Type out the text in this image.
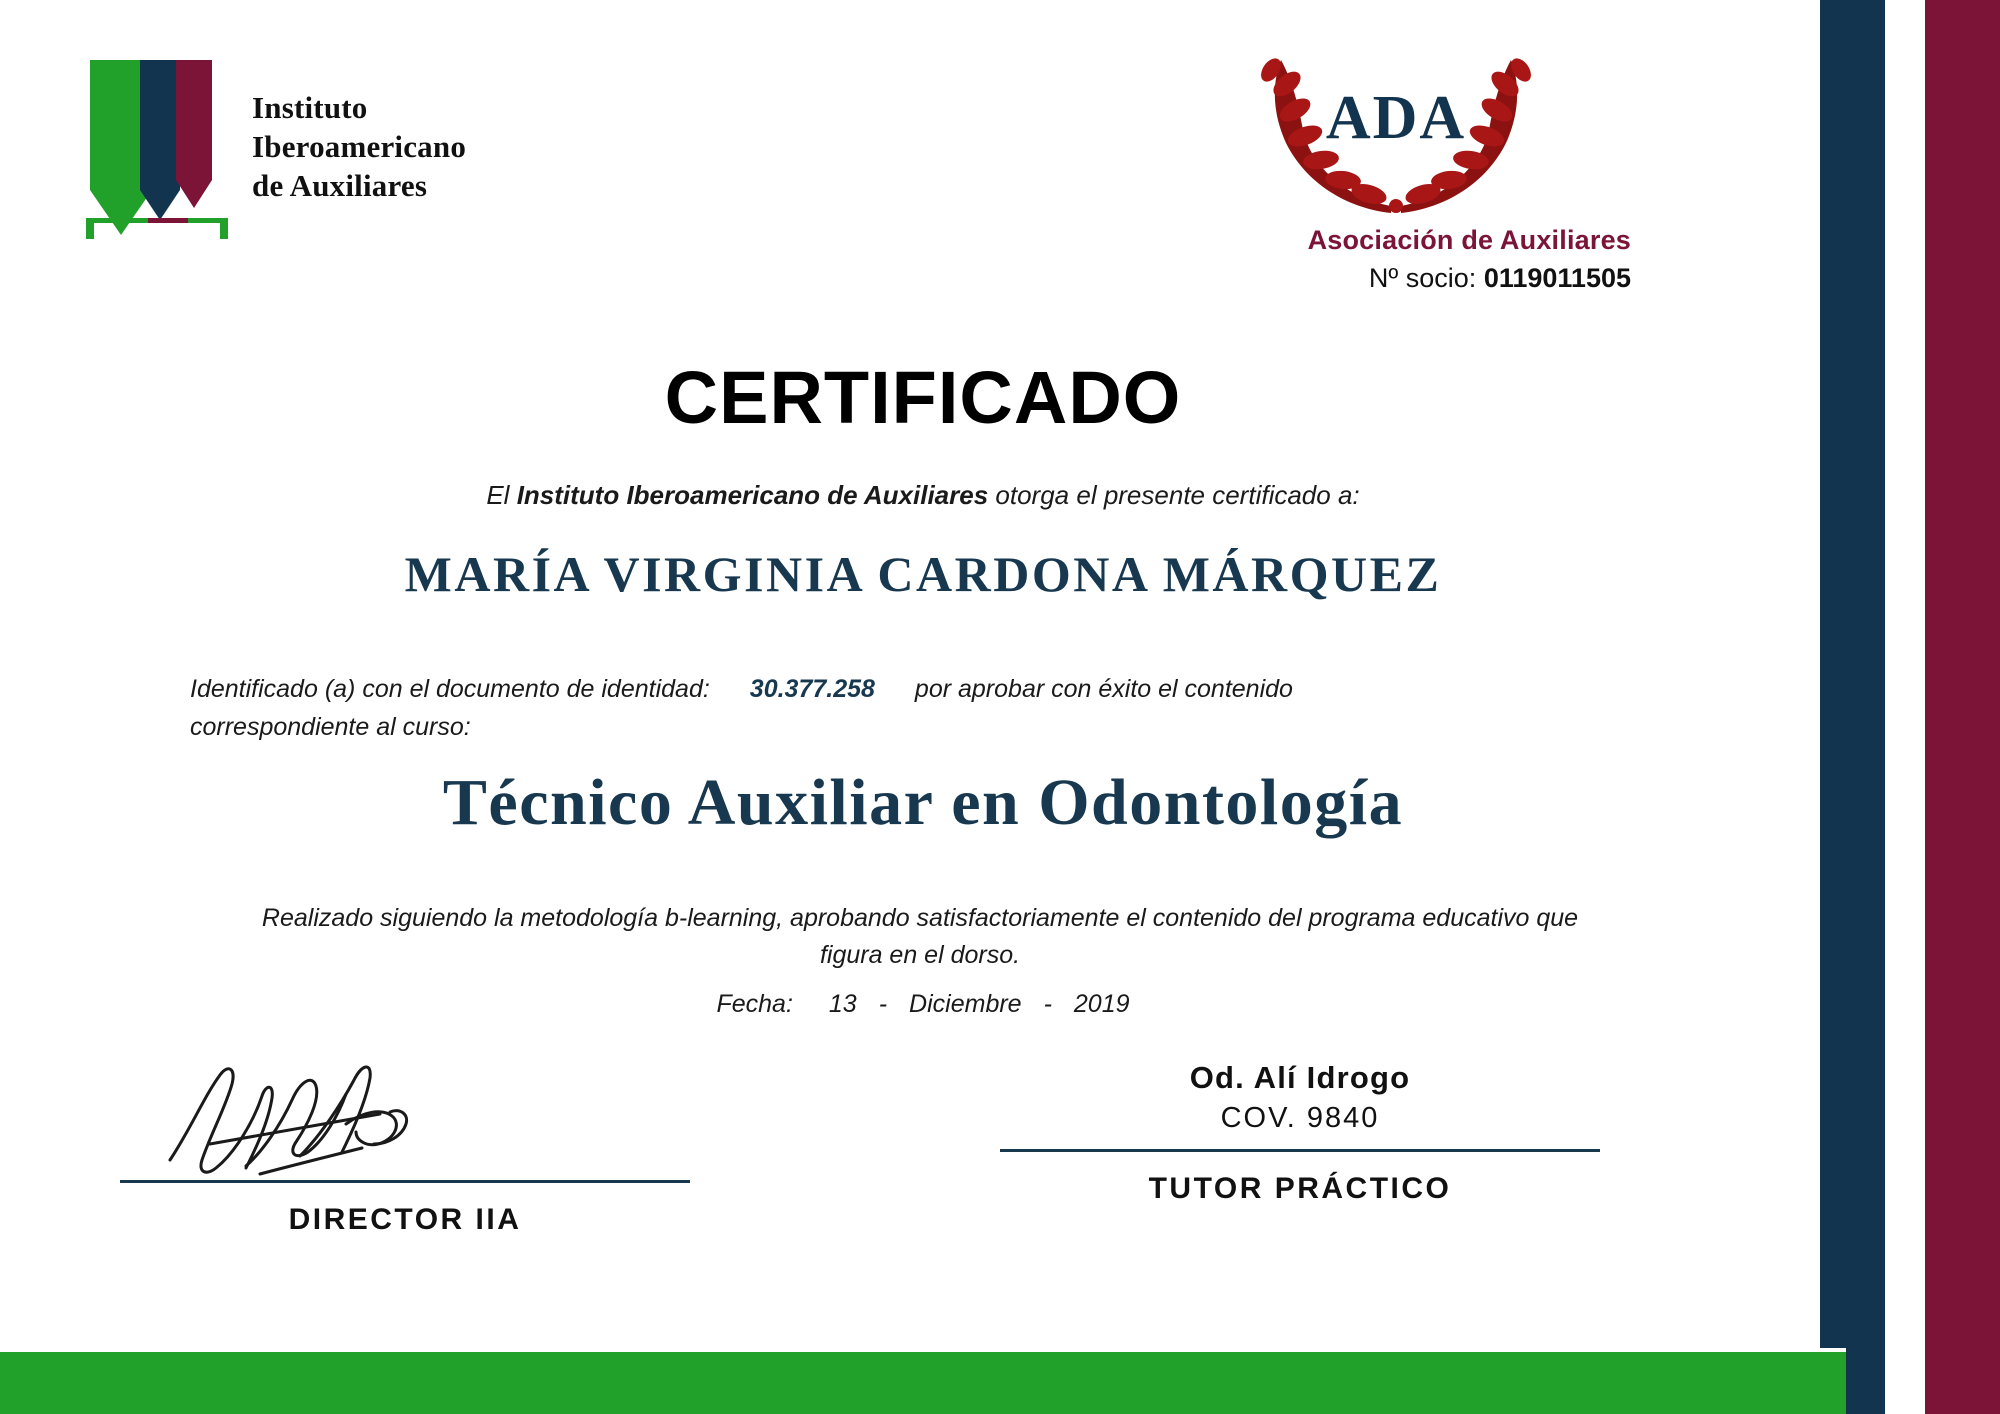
Instituto
Iberoamericano
de Auxiliares
ADA
Asociación de Auxiliares
Nº socio: 0119011505
CERTIFICADO
El Instituto Iberoamericano de Auxiliares otorga el presente certificado a:
MARÍA VIRGINIA CARDONA MÁRQUEZ
Identificado (a) con el documento de identidad: 30.377.258 por aprobar con éxito el contenido
correspondiente al curso:
Técnico Auxiliar en Odontología
Realizado siguiendo la metodología b-learning, aprobando satisfactoriamente el contenido del programa educativo que figura en el dorso.
Fecha: 13 - Diciembre - 2019
DIRECTOR IIA
Od. Alí Idrogo
COV. 9840
TUTOR PRÁCTICO
